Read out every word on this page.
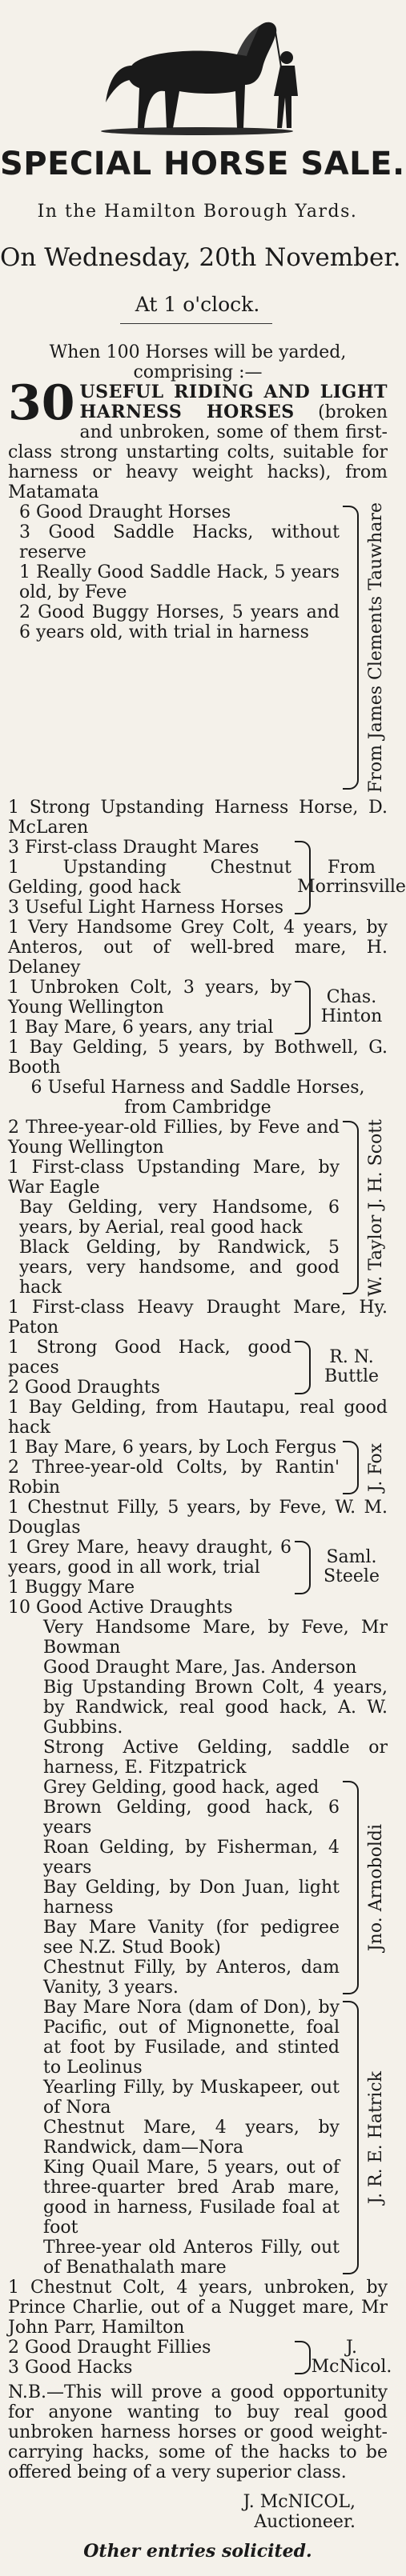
SPECIAL HORSE SALE.
In the Hamilton Borough Yards.
On Wednesday, 20th November.
At 1 o'clock.
When 100 Horses will be yarded, comprising :—
30 USEFUL RIDING AND LIGHT HARNESS HORSES (broken and unbroken, some of them first-class strong unstarting colts, suitable for harness or heavy weight hacks), from Matamata
6 Good Draught Horses
3 Good Saddle Hacks, without reserve
1 Really Good Saddle Hack, 5 years old, by Feve
2 Good Buggy Horses, 5 years and 6 years old, with trial in harness	From James Clements Tauwhare
1 Strong Upstanding Harness Horse, D. McLaren
3 First-class Draught Mares
1 Upstanding Chestnut Gelding, good hack
3 Useful Light Harness Horses
From
Morrinsville
1 Very Handsome Grey Colt, 4 years, by Anteros, out of well-bred mare, H. Delaney
1 Unbroken Colt, 3 years, by Young Wellington
1 Bay Mare, 6 years, any trial
Chas.
Hinton
1 Bay Gelding, 5 years, by Bothwell, G. Booth
6 Useful Harness and Saddle Horses, from Cambridge
2 Three-year-old Fillies, by Feve and Young Wellington
1 First-class Upstanding Mare, by War Eagle
Bay Gelding, very Handsome, 6 years, by Aerial, real good hack
Black Gelding, by Randwick, 5 years, very handsome, and good hack	W. Taylor J. H. Scott
1 First-class Heavy Draught Mare, Hy. Paton
1 Strong Good Hack, good paces
2 Good Draughts
R. N.
Buttle
1 Bay Gelding, from Hautapu, real good hack
1 Bay Mare, 6 years, by Loch Fergus
2 Three-year-old Colts, by Rantin' Robin	J. Fox
1 Chestnut Filly, 5 years, by Feve, W. M. Douglas
1 Grey Mare, heavy draught, 6 years, good in all work, trial
1 Buggy Mare
Saml.
Steele
10 Good Active Draughts
Very Handsome Mare, by Feve, Mr Bowman
Good Draught Mare, Jas. Anderson
Big Upstanding Brown Colt, 4 years, by Randwick, real good hack, A. W. Gubbins.
Strong Active Gelding, saddle or harness, E. Fitzpatrick
Grey Gelding, good hack, aged
Brown Gelding, good hack, 6 years
Roan Gelding, by Fisherman, 4 years
Bay Gelding, by Don Juan, light harness
Bay Mare Vanity (for pedigree see N.Z. Stud Book)
Chestnut Filly, by Anteros, dam Vanity, 3 years.
Jno. Arnoboldi
Bay Mare Nora (dam of Don), by Pacific, out of Mignonette, foal at foot by Fusilade, and stinted to Leolinus
Yearling Filly, by Muskapeer, out of Nora
Chestnut Mare, 4 years, by Randwick, dam—Nora
King Quail Mare, 5 years, out of three-quarter bred Arab mare, good in harness, Fusilade foal at foot
Three-year old Anteros Filly, out of Benathalath mare
J. R. E. Hatrick
1 Chestnut Colt, 4 years, unbroken, by Prince Charlie, out of a Nugget mare, Mr John Parr, Hamilton
2 Good Draught Fillies
3 Good Hacks
J.
McNicol.
N.B.—This will prove a good opportunity for anyone wanting to buy real good unbroken harness horses or good weight-carrying hacks, some of the hacks to be offered being of a very superior class.
J. McNICOL,
Auctioneer.
Other entries solicited.
